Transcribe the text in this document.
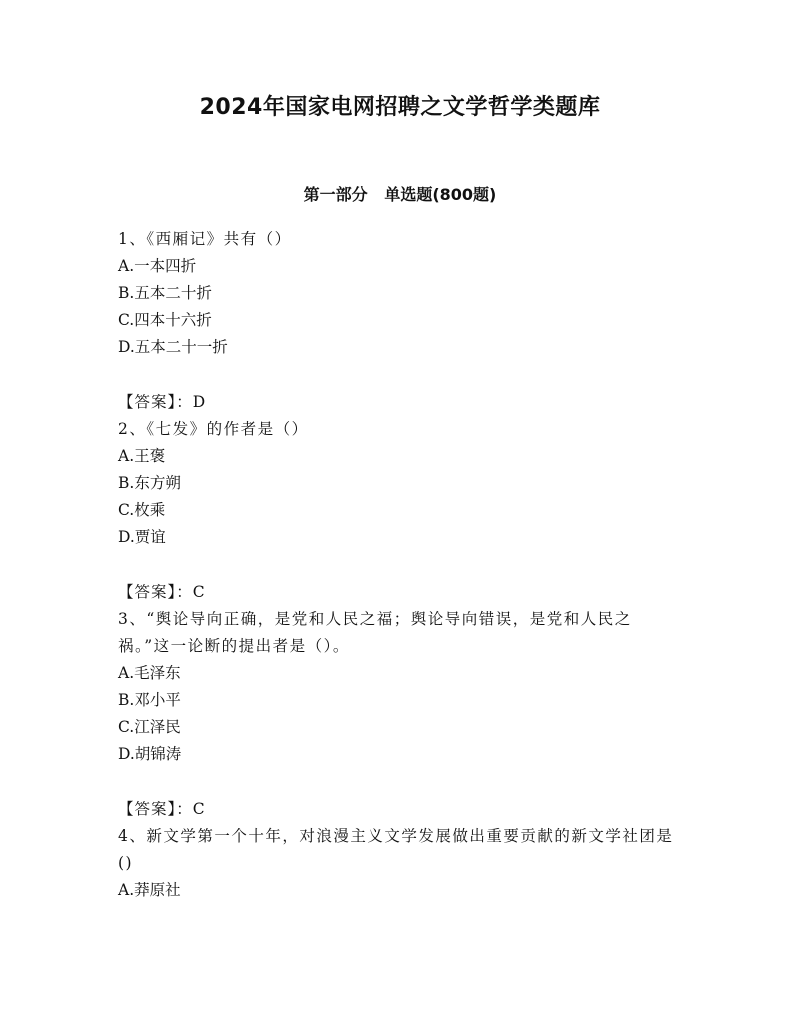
2024年国家电网招聘之文学哲学类题库
第一部分   单选题(800题)
1、《西厢记》共有（）
A.一本四折
B.五本二十折
C.四本十六折
D.五本二十一折
【答案】：D
2、《七发》的作者是（）
A.王褒
B.东方朔
C.枚乘
D.贾谊
【答案】：C
3、“舆论导向正确，是党和人民之福；舆论导向错误，是党和人民之祸。”这一论断的提出者是（）。
A.毛泽东
B.邓小平
C.江泽民
D.胡锦涛
【答案】：C
4、新文学第一个十年，对浪漫主义文学发展做出重要贡献的新文学社团是()
A.莽原社
